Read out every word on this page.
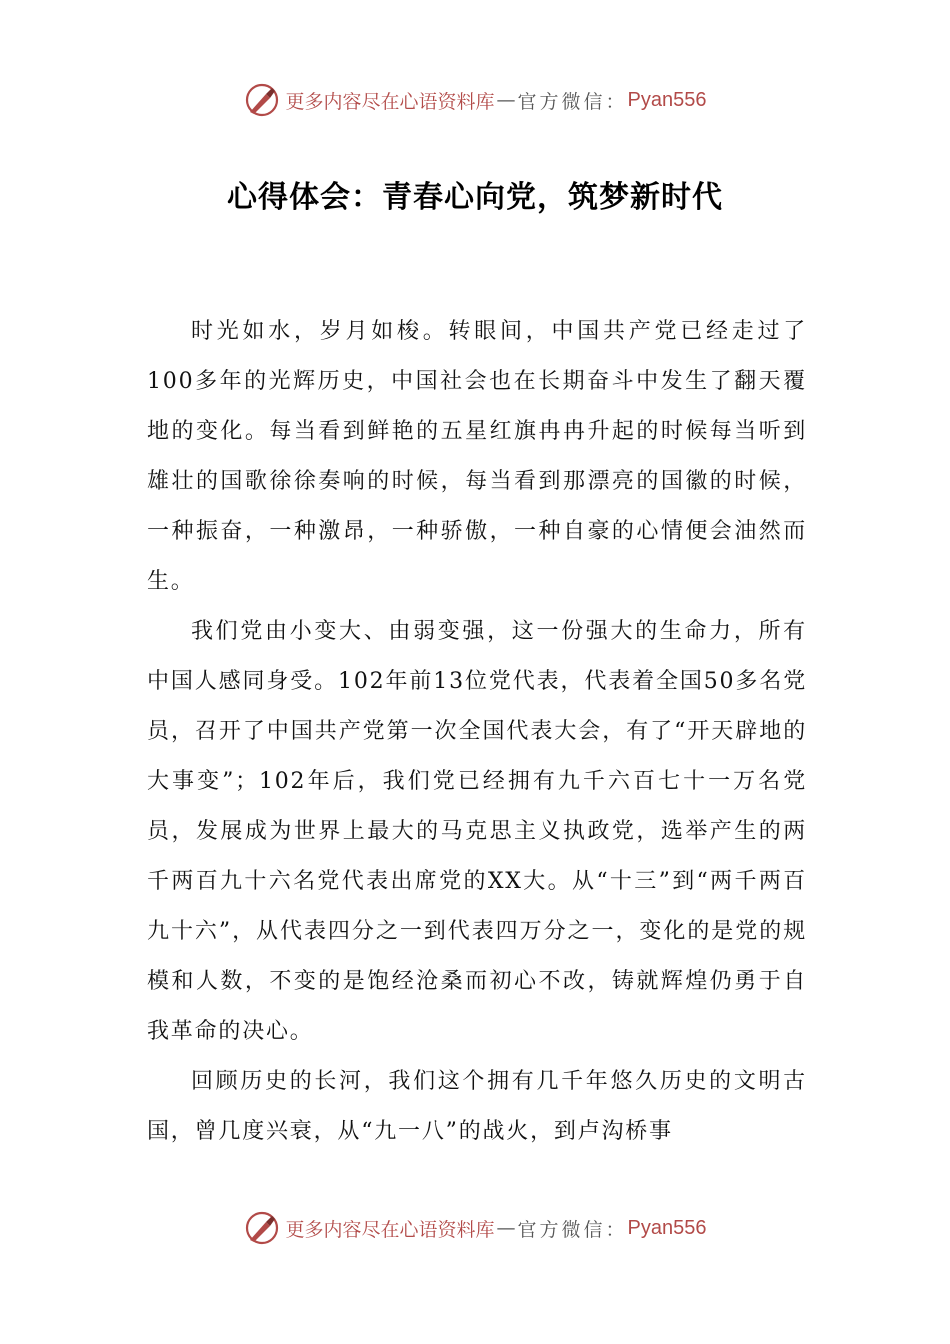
更多内容尽在心语资料库 — 官方微信： Pyan556
心得体会：青春心向党，筑梦新时代

时光如水，岁月如梭。转眼间，中国共产党已经走过了100多年的光辉历史，中国社会也在长期奋斗中发生了翻天覆地的变化。每当看到鲜艳的五星红旗冉冉升起的时候每当听到雄壮的国歌徐徐奏响的时候，每当看到那漂亮的国徽的时候，一种振奋，一种激昂，一种骄傲，一种自豪的心情便会油然而生。

我们党由小变大、由弱变强，这一份强大的生命力，所有中国人感同身受。102年前13位党代表，代表着全国50多名党员，召开了中国共产党第一次全国代表大会，有了“开天辟地的大事变”；102年后，我们党已经拥有九千六百七十一万名党员，发展成为世界上最大的马克思主义执政党，选举产生的两千两百九十六名党代表出席党的XX大。从“十三”到“两千两百九十六”，从代表四分之一到代表四万分之一，变化的是党的规模和人数，不变的是饱经沧桑而初心不改，铸就辉煌仍勇于自我革命的决心。

回顾历史的长河，我们这个拥有几千年悠久历史的文明古国，曾几度兴衰，从“九一八”的战火，到卢沟桥事

更多内容尽在心语资料库 — 官方微信： Pyan556
